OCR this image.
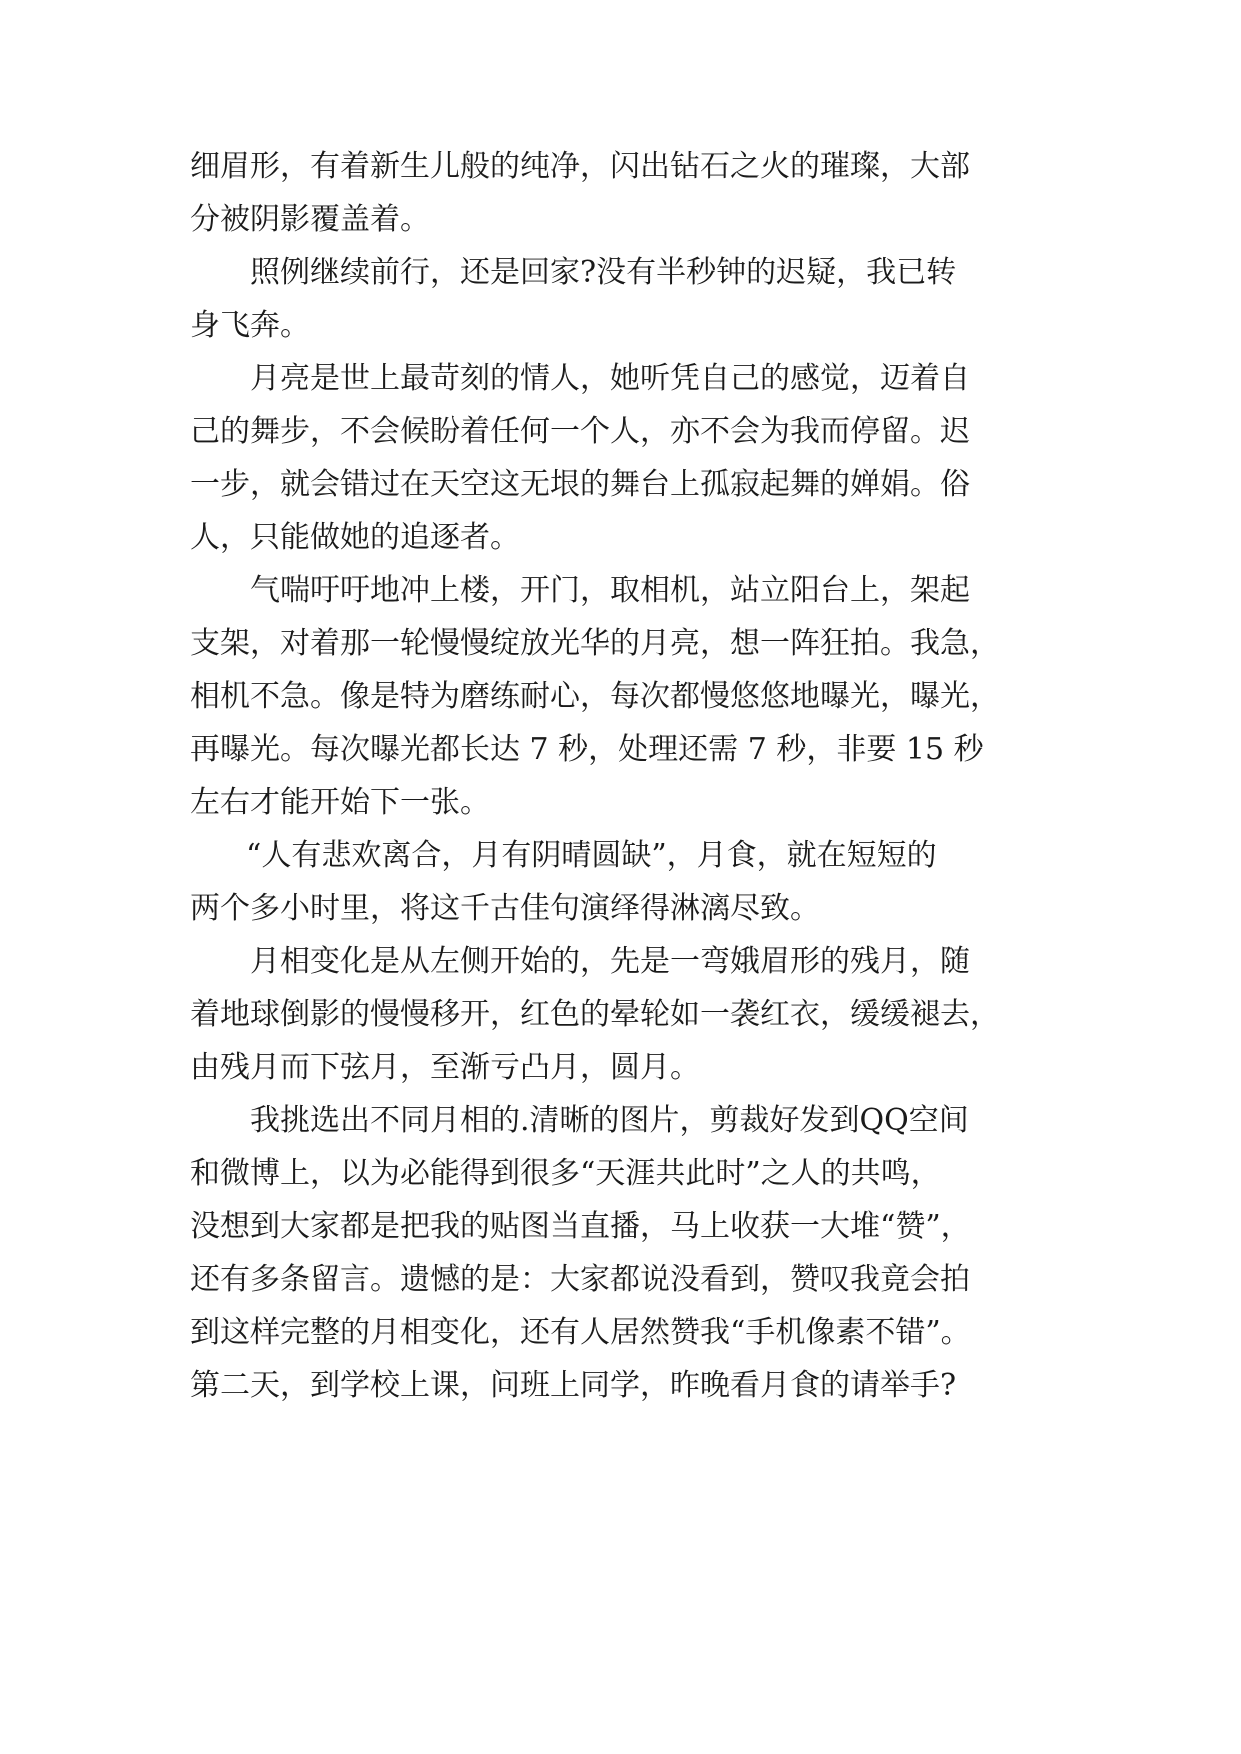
细眉形，有着新生儿般的纯净，闪出钻石之火的璀璨，大部

分被阴影覆盖着。

照例继续前行，还是回家?没有半秒钟的迟疑，我已转

身飞奔。

月亮是世上最苛刻的情人，她听凭自己的感觉，迈着自

己的舞步，不会候盼着任何一个人，亦不会为我而停留。迟

一步，就会错过在天空这无垠的舞台上孤寂起舞的婵娟。俗

人，只能做她的追逐者。

气喘吁吁地冲上楼，开门，取相机，站立阳台上，架起

支架，对着那一轮慢慢绽放光华的月亮，想一阵狂拍。我急，

相机不急。像是特为磨练耐心，每次都慢悠悠地曝光，曝光，

再曝光。每次曝光都长达 7 秒，处理还需 7 秒，非要 15 秒

左右才能开始下一张。

“人有悲欢离合，月有阴晴圆缺”，月食，就在短短的

两个多小时里，将这千古佳句演绎得淋漓尽致。

月相变化是从左侧开始的，先是一弯娥眉形的残月，随

着地球倒影的慢慢移开，红色的晕轮如一袭红衣，缓缓褪去，

由残月而下弦月，至渐亏凸月，圆月。

我挑选出不同月相的.清晰的图片，剪裁好发到QQ空间

和微博上，以为必能得到很多“天涯共此时”之人的共鸣，

没想到大家都是把我的贴图当直播，马上收获一大堆“赞”，

还有多条留言。遗憾的是：大家都说没看到，赞叹我竟会拍

到这样完整的月相变化，还有人居然赞我“手机像素不错”。

第二天，到学校上课，问班上同学，昨晚看月食的请举手?
